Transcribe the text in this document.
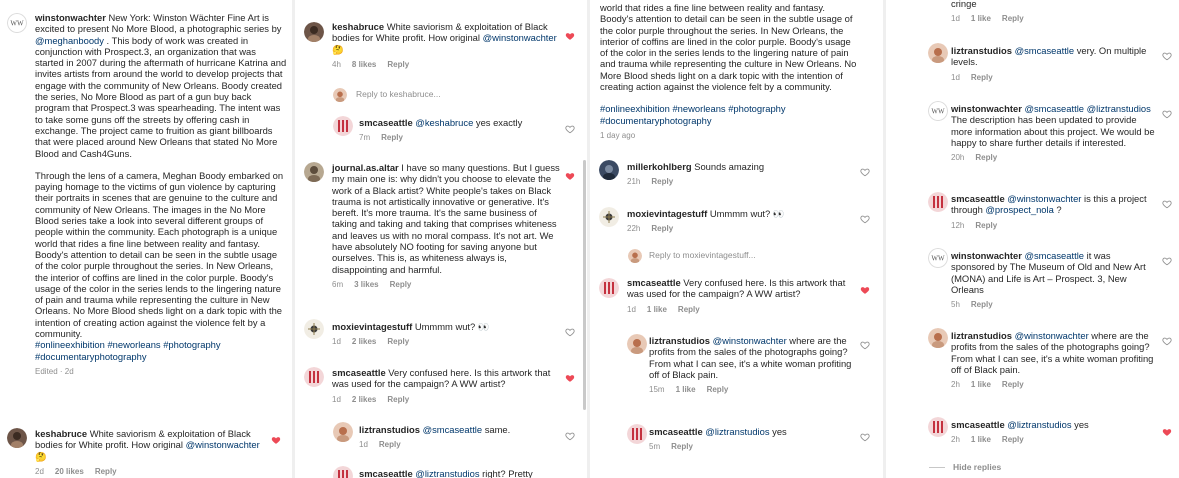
winstonwachter New York: Winston Wächter Fine Art is excited to present No More Blood, a photographic series by @meghanboody . This body of work was created in conjunction with Prospect.3, an organization that was started in 2007 during the aftermath of hurricane Katrina and invites artists from around the world to develop projects that engage with the community of New Orleans. Boody created the series, No More Blood as part of a gun buy back program that Prospect.3 was spearheading. The intent was to take some guns off the streets by offering cash in exchange. The project came to fruition as giant billboards that were placed around New Orleans that stated No More Blood and Cash4Guns.
Through the lens of a camera, Meghan Boody embarked on paying homage to the victims of gun violence by capturing their portraits in scenes that are genuine to the culture and community of New Orleans. The images in the No More Blood series take a look into several different groups of people within the community. Each photograph is a unique world that rides a fine line between reality and fantasy. Boody's attention to detail can be seen in the subtle usage of the color purple throughout the series. In New Orleans, the interior of coffins are lined in the color purple. Boody's usage of the color in the series lends to the lingering nature of pain and trauma while representing the culture in New Orleans. No More Blood sheds light on a dark topic with the intention of creating action against the violence felt by a community.
#onlineexhibition #neworleans #photography
#documentaryphotography
Edited · 2d
keshabruce White saviorism & exploitation of Black bodies for White profit. How original @winstonwachter 🤔
2d 20 likes Reply
keshabruce White saviorism & exploitation of Black bodies for White profit. How original @winstonwachter 🤔
4h 8 likes Reply
Reply to keshabruce...
smcaseattle @keshabruce yes exactly
7m Reply
journal.as.altar I have so many questions. But I guess my main one is: why didn't you choose to elevate the work of a Black artist? White people's takes on Black trauma is not artistically innovative or generative. It's bereft. It's more trauma. It's the same business of taking and taking and taking that comprises whiteness and leaves us with no moral compass. It's not art. We have absolutely NO footing for saving anyone but ourselves. This is, as whiteness always is, disappointing and harmful.
6m 3 likes Reply
moxievintagestuff Ummmm wut? 👀
1d 2 likes Reply
smcaseattle Very confused here. Is this artwork that was used for the campaign? A WW artist?
1d 2 likes Reply
liztranstudios @smcaseattle same.
1d Reply
smcaseattle @liztranstudios right? Pretty
world that rides a fine line between reality and fantasy. Boody's attention to detail can be seen in the subtle usage of the color purple throughout the series. In New Orleans, the interior of coffins are lined in the color purple. Boody's usage of the color in the series lends to the lingering nature of pain and trauma while representing the culture in New Orleans. No More Blood sheds light on a dark topic with the intention of creating action against the violence felt by a community.
#onlineexhibition #neworleans #photography
#documentaryphotography
1 day ago
millerkohlberg Sounds amazing
21h Reply
moxievintagestuff Ummmm wut? 👀
22h Reply
Reply to moxievintagestuff...
smcaseattle Very confused here. Is this artwork that was used for the campaign? A WW artist?
1d 1 like Reply
liztranstudios @winstonwachter where are the profits from the sales of the photographs going? From what I can see, it's a white woman profiting off of Black pain.
15m 1 like Reply
smcaseattle @liztranstudios yes
5m Reply
cringe
1d 1 like Reply
liztranstudios @smcaseattle very. On multiple levels.
1d Reply
winstonwachter @smcaseattle @liztranstudios The description has been updated to provide more information about this project. We would be happy to share further details if interested.
20h Reply
smcaseattle @winstonwachter is this a project through @prospect_nola ?
12h Reply
winstonwachter @smcaseattle it was sponsored by The Museum of Old and New Art (MONA) and Life is Art – Prospect. 3, New Orleans
5h Reply
liztranstudios @winstonwachter where are the profits from the sales of the photographs going? From what I can see, it's a white woman profiting off of Black pain.
2h 1 like Reply
smcaseattle @liztranstudios yes
2h 1 like Reply
Hide replies
